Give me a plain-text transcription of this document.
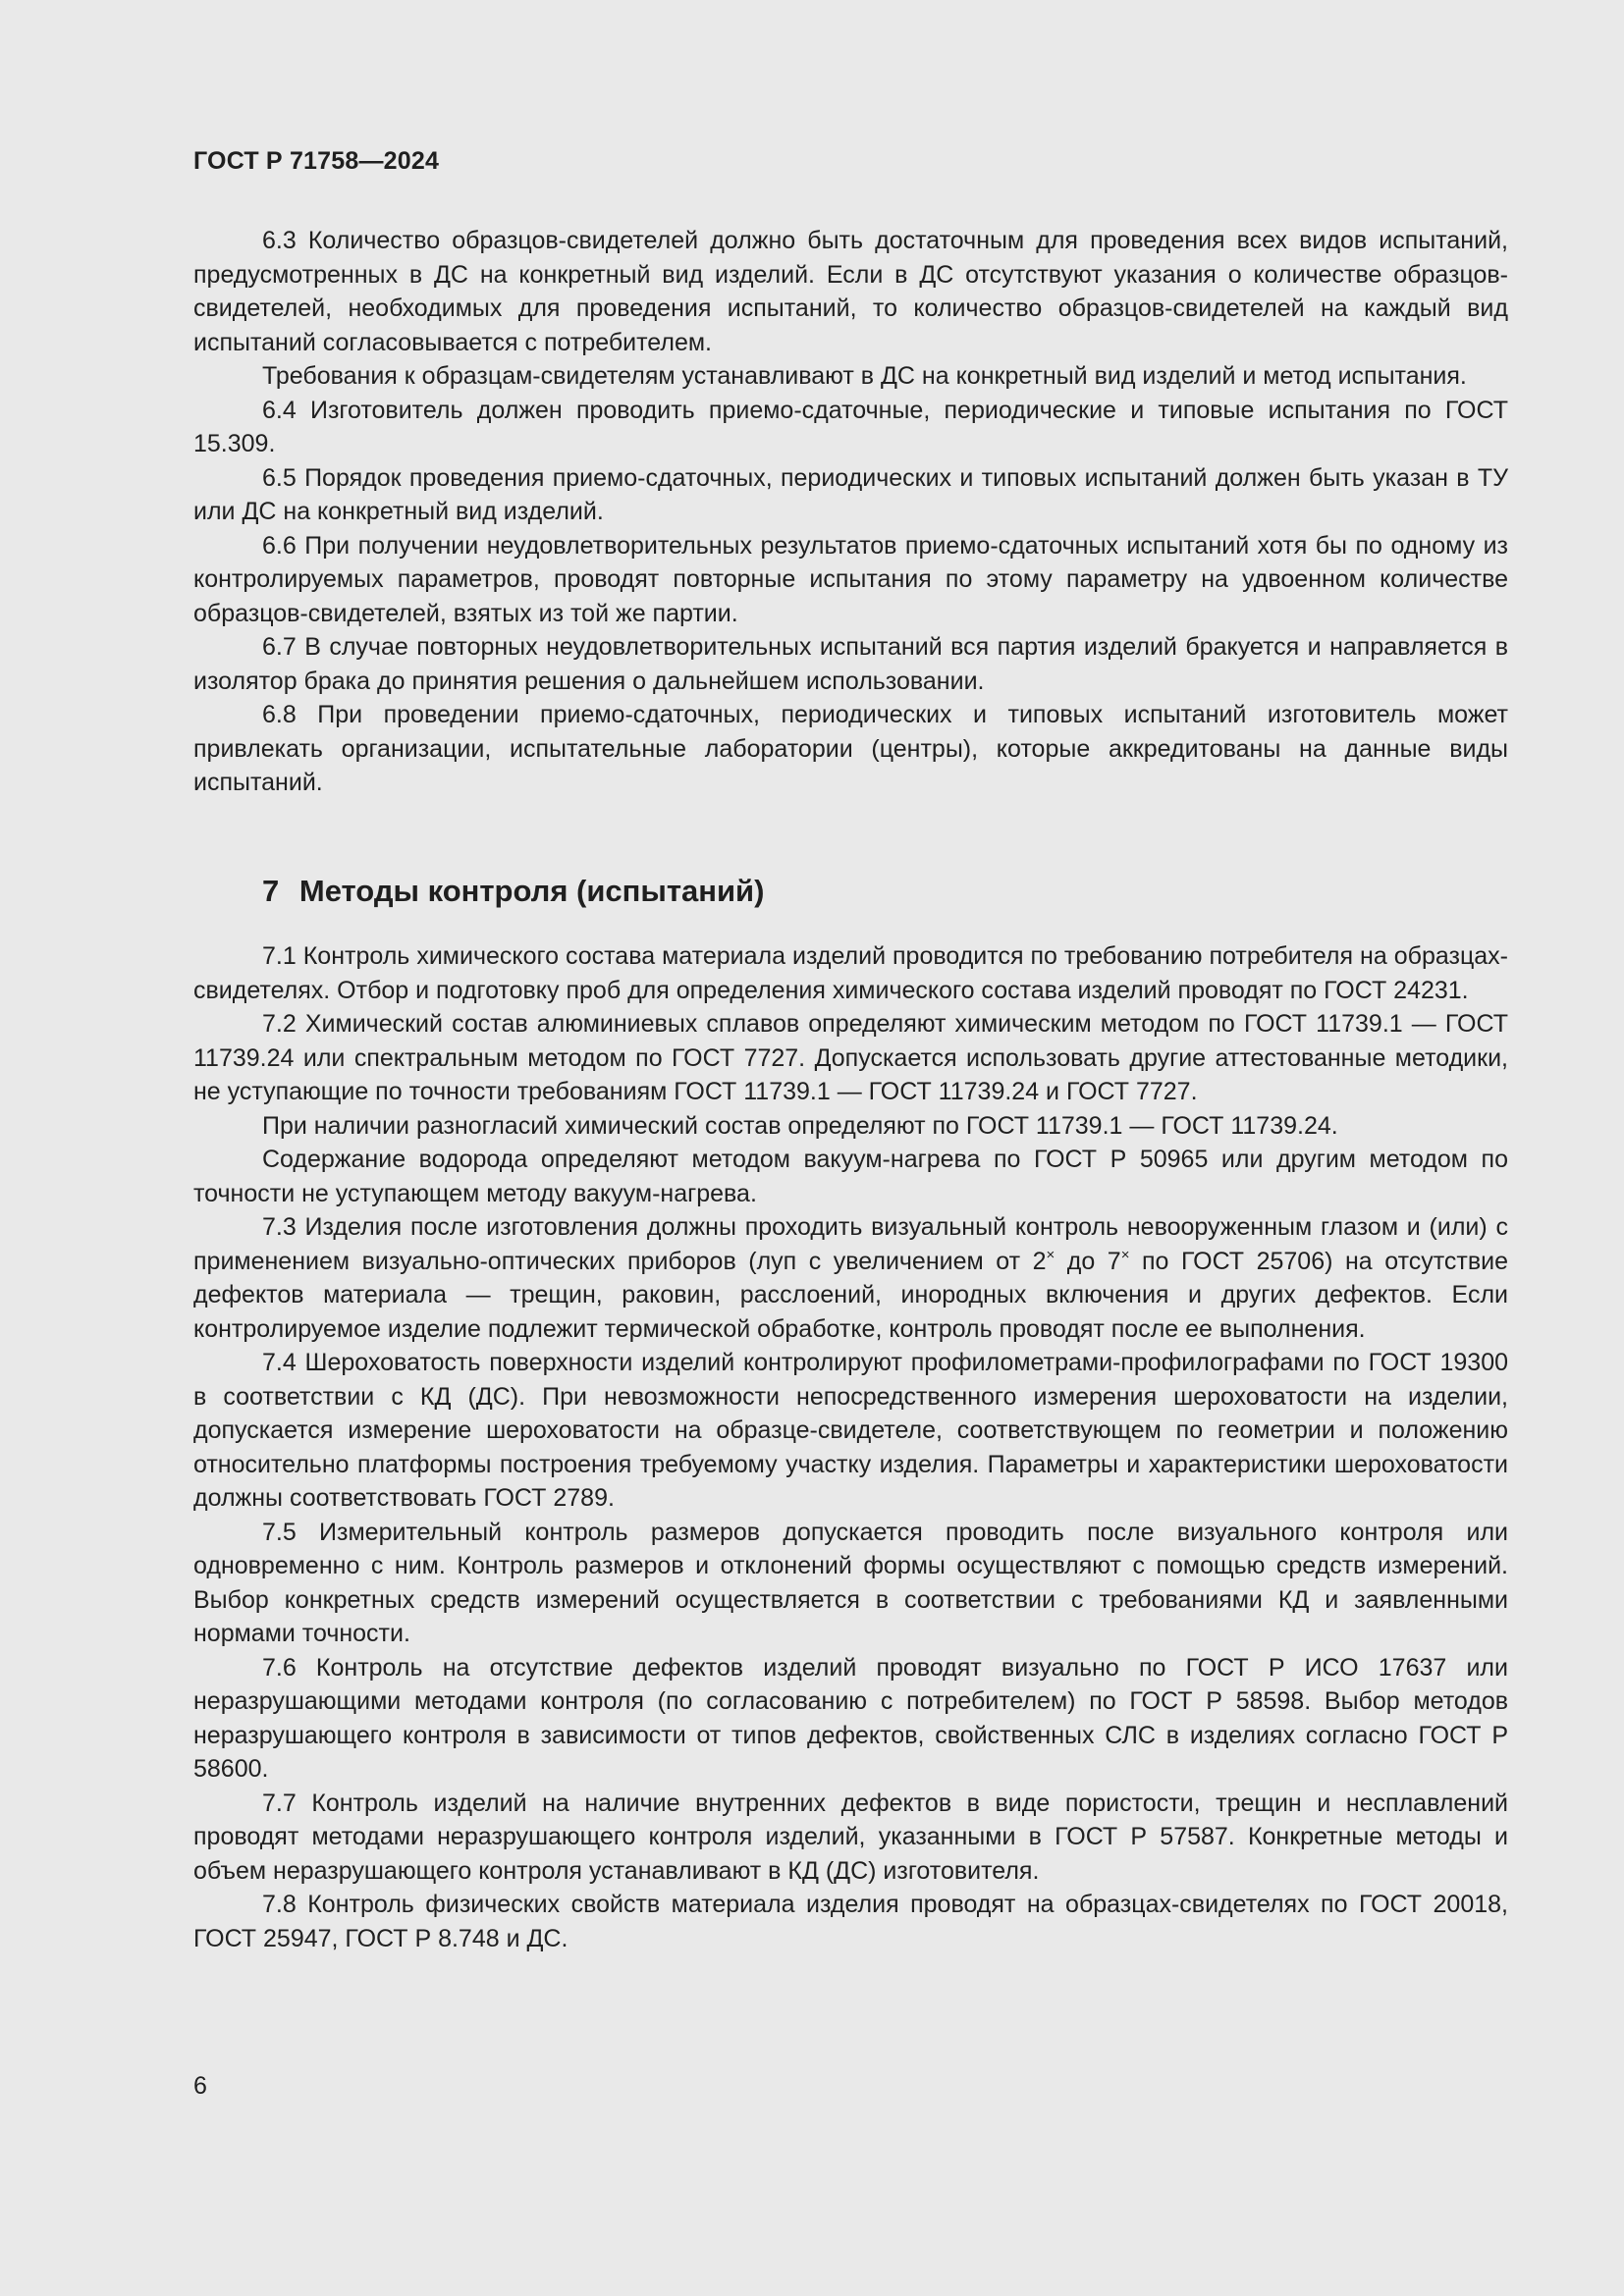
ГОСТ Р 71758—2024

6.3 Количество образцов-свидетелей должно быть достаточным для проведения всех видов испытаний, предусмотренных в ДС на конкретный вид изделий. Если в ДС отсутствуют указания о количестве образцов-свидетелей, необходимых для проведения испытаний, то количество образцов-свидетелей на каждый вид испытаний согласовывается с потребителем.

Требования к образцам-свидетелям устанавливают в ДС на конкретный вид изделий и метод испытания.

6.4 Изготовитель должен проводить приемо-сдаточные, периодические и типовые испытания по ГОСТ 15.309.

6.5 Порядок проведения приемо-сдаточных, периодических и типовых испытаний должен быть указан в ТУ или ДС на конкретный вид изделий.

6.6 При получении неудовлетворительных результатов приемо-сдаточных испытаний хотя бы по одному из контролируемых параметров, проводят повторные испытания по этому параметру на удвоенном количестве образцов-свидетелей, взятых из той же партии.

6.7 В случае повторных неудовлетворительных испытаний вся партия изделий бракуется и направляется в изолятор брака до принятия решения о дальнейшем использовании.

6.8 При проведении приемо-сдаточных, периодических и типовых испытаний изготовитель может привлекать организации, испытательные лаборатории (центры), которые аккредитованы на данные виды испытаний.

7 Методы контроля (испытаний)

7.1 Контроль химического состава материала изделий проводится по требованию потребителя на образцах-свидетелях. Отбор и подготовку проб для определения химического состава изделий проводят по ГОСТ 24231.

7.2 Химический состав алюминиевых сплавов определяют химическим методом по ГОСТ 11739.1 — ГОСТ 11739.24 или спектральным методом по ГОСТ 7727. Допускается использовать другие аттестованные методики, не уступающие по точности требованиям ГОСТ 11739.1 — ГОСТ 11739.24 и ГОСТ 7727.

При наличии разногласий химический состав определяют по ГОСТ 11739.1 — ГОСТ 11739.24.

Содержание водорода определяют методом вакуум-нагрева по ГОСТ Р 50965 или другим методом по точности не уступающем методу вакуум-нагрева.

7.3 Изделия после изготовления должны проходить визуальный контроль невооруженным глазом и (или) с применением визуально-оптических приборов (луп с увеличением от 2× до 7× по ГОСТ 25706) на отсутствие дефектов материала — трещин, раковин, расслоений, инородных включения и других дефектов. Если контролируемое изделие подлежит термической обработке, контроль проводят после ее выполнения.

7.4 Шероховатость поверхности изделий контролируют профилометрами-профилографами по ГОСТ 19300 в соответствии с КД (ДС). При невозможности непосредственного измерения шероховатости на изделии, допускается измерение шероховатости на образце-свидетеле, соответствующем по геометрии и положению относительно платформы построения требуемому участку изделия. Параметры и характеристики шероховатости должны соответствовать ГОСТ 2789.

7.5 Измерительный контроль размеров допускается проводить после визуального контроля или одновременно с ним. Контроль размеров и отклонений формы осуществляют с помощью средств измерений. Выбор конкретных средств измерений осуществляется в соответствии с требованиями КД и заявленными нормами точности.

7.6 Контроль на отсутствие дефектов изделий проводят визуально по ГОСТ Р ИСО 17637 или неразрушающими методами контроля (по согласованию с потребителем) по ГОСТ Р 58598. Выбор методов неразрушающего контроля в зависимости от типов дефектов, свойственных СЛС в изделиях согласно ГОСТ Р 58600.

7.7 Контроль изделий на наличие внутренних дефектов в виде пористости, трещин и несплавлений проводят методами неразрушающего контроля изделий, указанными в ГОСТ Р 57587. Конкретные методы и объем неразрушающего контроля устанавливают в КД (ДС) изготовителя.

7.8 Контроль физических свойств материала изделия проводят на образцах-свидетелях по ГОСТ 20018, ГОСТ 25947, ГОСТ Р 8.748 и ДС.

6
